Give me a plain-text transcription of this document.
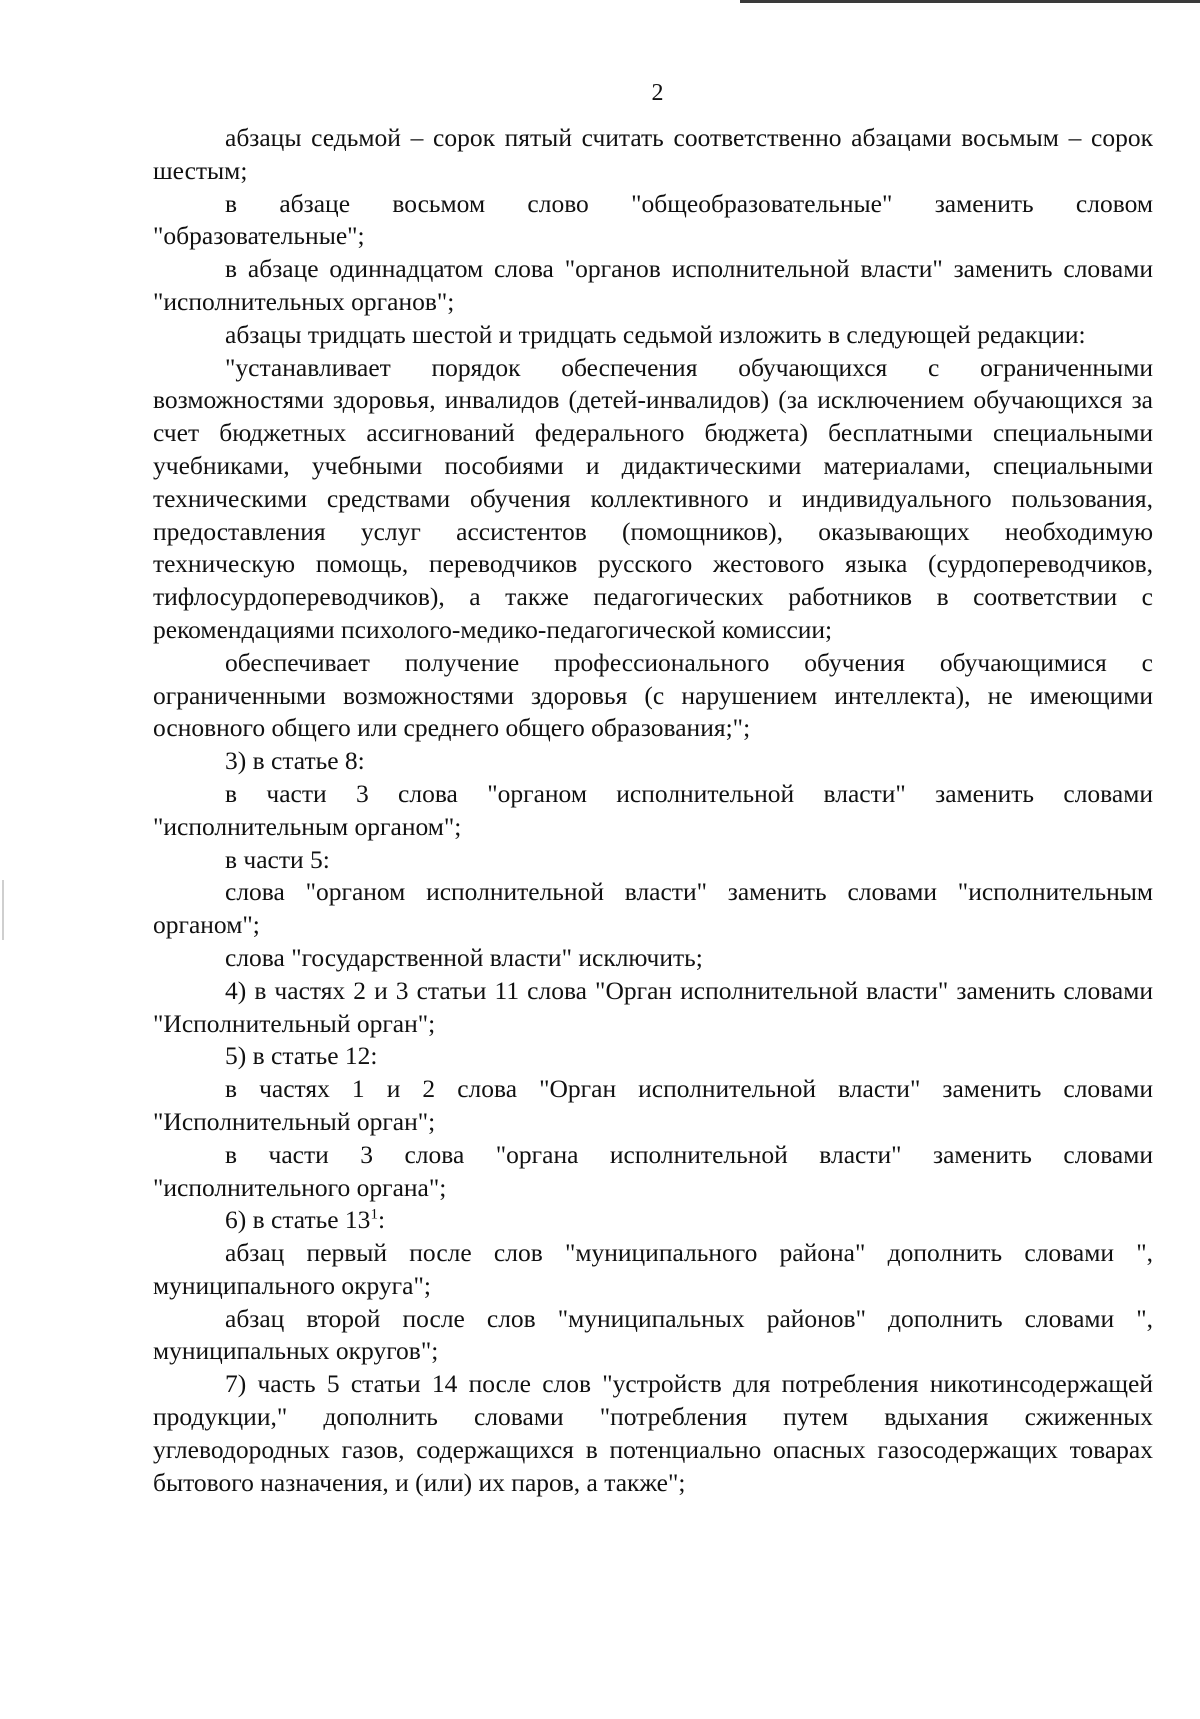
2

абзацы седьмой – сорок пятый считать соответственно абзацами восьмым – сорок шестым;

в абзаце восьмом слово "общеобразовательные" заменить словом "образовательные";

в абзаце одиннадцатом слова "органов исполнительной власти" заменить словами "исполнительных органов";

абзацы тридцать шестой и тридцать седьмой изложить в следующей редакции:

"устанавливает порядок обеспечения обучающихся с ограниченными возможностями здоровья, инвалидов (детей-инвалидов) (за исключением обучающихся за счет бюджетных ассигнований федерального бюджета) бесплатными специальными учебниками, учебными пособиями и дидактическими материалами, специальными техническими средствами обучения коллективного и индивидуального пользования, предоставления услуг ассистентов (помощников), оказывающих необходимую техническую помощь, переводчиков русского жестового языка (сурдопереводчиков, тифлосурдопереводчиков), а также педагогических работников в соответствии с рекомендациями психолого-медико-педагогической комиссии;

обеспечивает получение профессионального обучения обучающимися с ограниченными возможностями здоровья (с нарушением интеллекта), не имеющими основного общего или среднего общего образования;";

3) в статье 8:

в части 3 слова "органом исполнительной власти" заменить словами "исполнительным органом";

в части 5:

слова "органом исполнительной власти" заменить словами "исполнительным органом";

слова "государственной власти" исключить;

4) в частях 2 и 3 статьи 11 слова "Орган исполнительной власти" заменить словами "Исполнительный орган";

5) в статье 12:

в частях 1 и 2 слова "Орган исполнительной власти" заменить словами "Исполнительный орган";

в части 3 слова "органа исполнительной власти" заменить словами "исполнительного органа";

6) в статье $13^1$:

абзац первый после слов "муниципального района" дополнить словами ", муниципального округа";

абзац второй после слов "муниципальных районов" дополнить словами ", муниципальных округов";

7) часть 5 статьи 14 после слов "устройств для потребления никотинсодержащей продукции," дополнить словами "потребления путем вдыхания сжиженных углеводородных газов, содержащихся в потенциально опасных газосодержащих товарах бытового назначения, и (или) их паров, а также";
